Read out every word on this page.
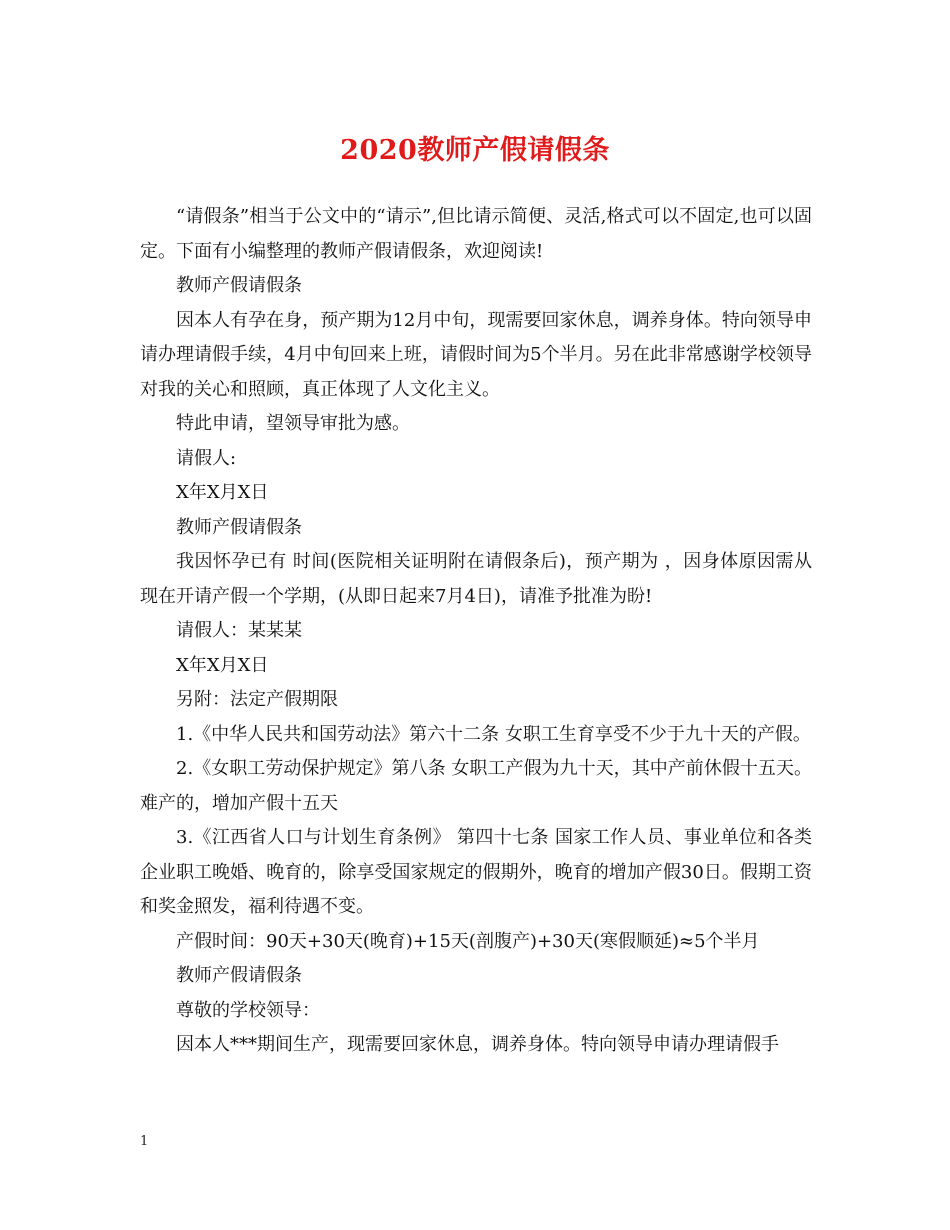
2020教师产假请假条

“请假条”相当于公文中的“请示”,但比请示简便、灵活,格式可以不固定,也可以固定。下面有小编整理的教师产假请假条，欢迎阅读!

教师产假请假条

因本人有孕在身，预产期为12月中旬，现需要回家休息，调养身体。特向领导申请办理请假手续，4月中旬回来上班，请假时间为5个半月。另在此非常感谢学校领导对我的关心和照顾，真正体现了人文化主义。

特此申请，望领导审批为感。

请假人:

X年X月X日

教师产假请假条

我因怀孕已有 时间(医院相关证明附在请假条后)，预产期为 ，因身体原因需从现在开请产假一个学期，(从即日起来7月4日)，请准予批准为盼!

请假人：某某某

X年X月X日

另附：法定产假期限

1.《中华人民共和国劳动法》第六十二条 女职工生育享受不少于九十天的产假。

2.《女职工劳动保护规定》第八条 女职工产假为九十天，其中产前休假十五天。难产的，增加产假十五天

3.《江西省人口与计划生育条例》 第四十七条 国家工作人员、事业单位和各类企业职工晚婚、晚育的，除享受国家规定的假期外，晚育的增加产假30日。假期工资和奖金照发，福利待遇不变。

产假时间：90天+30天(晚育)+15天(剖腹产)+30天(寒假顺延)≈5个半月

教师产假请假条

尊敬的学校领导：

因本人***期间生产，现需要回家休息，调养身体。特向领导申请办理请假手

1
